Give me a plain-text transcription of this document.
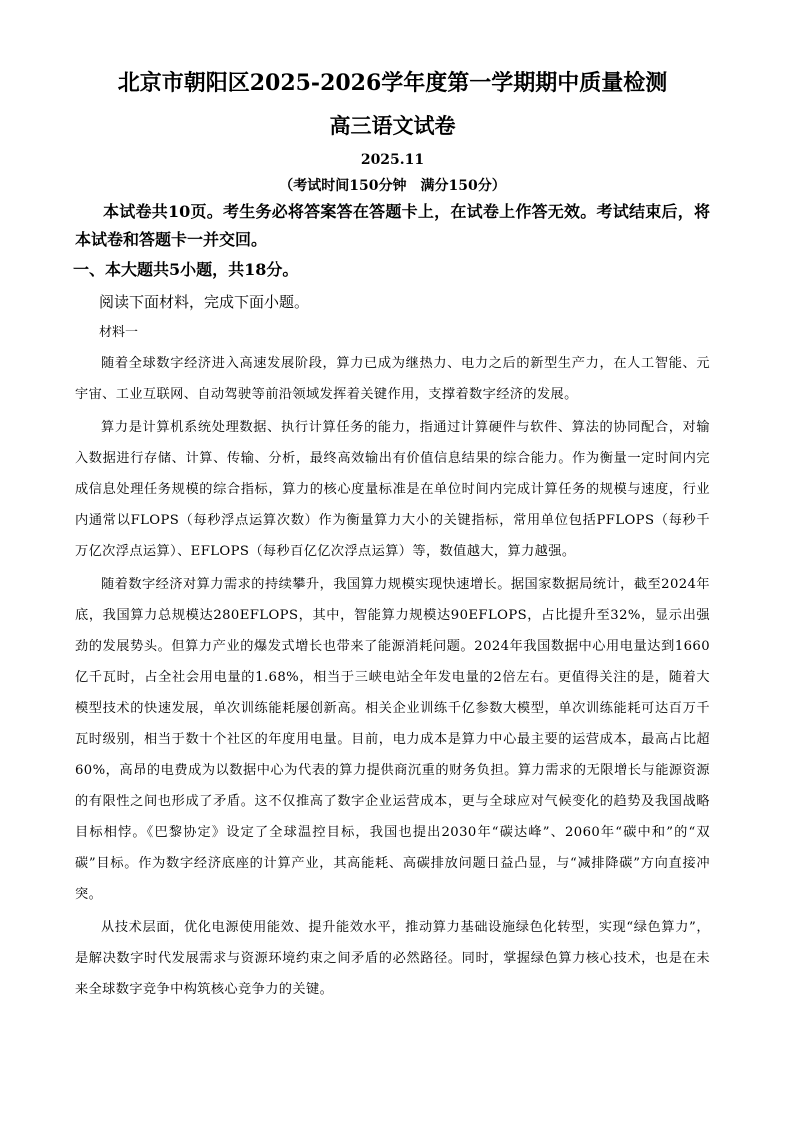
北京市朝阳区2025-2026学年度第一学期期中质量检测
高三语文试卷
2025.11
（考试时间150分钟　满分150分）

本试卷共10页。考生务必将答案答在答题卡上，在试卷上作答无效。考试结束后，将本试卷和答题卡一并交回。

一、本大题共5小题，共18分。

阅读下面材料，完成下面小题。

材料一

随着全球数字经济进入高速发展阶段，算力已成为继热力、电力之后的新型生产力，在人工智能、元宇宙、工业互联网、自动驾驶等前沿领域发挥着关键作用，支撑着数字经济的发展。

算力是计算机系统处理数据、执行计算任务的能力，指通过计算硬件与软件、算法的协同配合，对输入数据进行存储、计算、传输、分析，最终高效输出有价值信息结果的综合能力。作为衡量一定时间内完成信息处理任务规模的综合指标，算力的核心度量标准是在单位时间内完成计算任务的规模与速度，行业内通常以FLOPS（每秒浮点运算次数）作为衡量算力大小的关键指标，常用单位包括PFLOPS（每秒千万亿次浮点运算）、EFLOPS（每秒百亿亿次浮点运算）等，数值越大，算力越强。

随着数字经济对算力需求的持续攀升，我国算力规模实现快速增长。据国家数据局统计，截至2024年底，我国算力总规模达280EFLOPS，其中，智能算力规模达90EFLOPS，占比提升至32%，显示出强劲的发展势头。但算力产业的爆发式增长也带来了能源消耗问题。2024年我国数据中心用电量达到1660亿千瓦时，占全社会用电量的1.68%，相当于三峡电站全年发电量的2倍左右。更值得关注的是，随着大模型技术的快速发展，单次训练能耗屡创新高。相关企业训练千亿参数大模型，单次训练能耗可达百万千瓦时级别，相当于数十个社区的年度用电量。目前，电力成本是算力中心最主要的运营成本，最高占比超60%，高昂的电费成为以数据中心为代表的算力提供商沉重的财务负担。算力需求的无限增长与能源资源的有限性之间也形成了矛盾。这不仅推高了数字企业运营成本，更与全球应对气候变化的趋势及我国战略目标相悖。《巴黎协定》设定了全球温控目标，我国也提出2030年“碳达峰”、2060年“碳中和”的“双碳”目标。作为数字经济底座的计算产业，其高能耗、高碳排放问题日益凸显，与“减排降碳”方向直接冲突。

从技术层面，优化电源使用能效、提升能效水平，推动算力基础设施绿色化转型，实现“绿色算力”，是解决数字时代发展需求与资源环境约束之间矛盾的必然路径。同时，掌握绿色算力核心技术，也是在未来全球数字竞争中构筑核心竞争力的关键。
